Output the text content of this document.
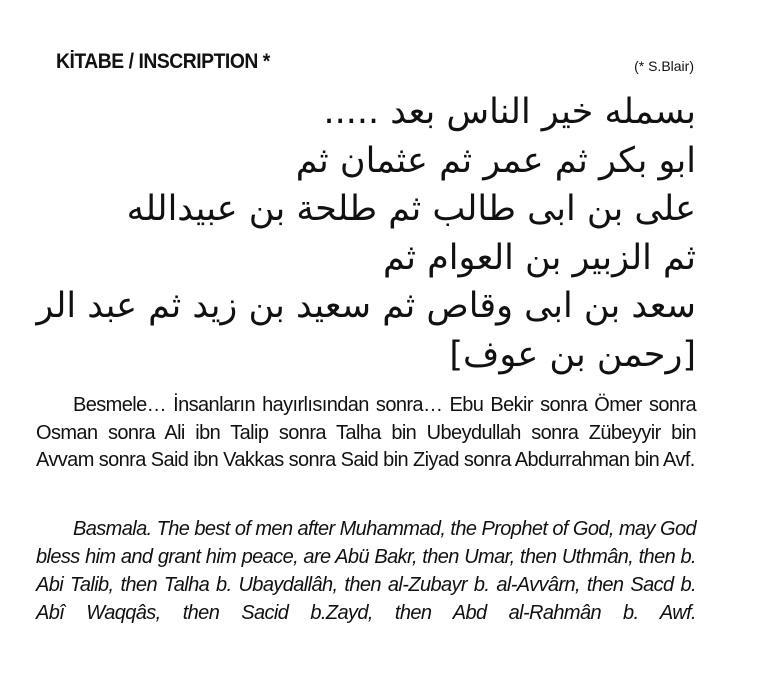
KİTABE / INSCRIPTION *	(* S.Blair)
بسمله خير الناس بعد .....
ابو بكر ثم عمر ثم عثمان ثم
على بن ابى طالب ثم طلحة بن عبيدالله
ثم الزبير بن العوام ثم
سعد بن ابى وقاص ثم سعيد بن زيد ثم عبد الر
[رحمن بن عوف]

Besmele… İnsanların hayırlısından sonra… Ebu Bekir sonra Ömer sonra Osman sonra Ali ibn Talip sonra Talha bin Ubeydullah sonra Zübeyyir bin Avvam sonra Said ibn Vakkas sonra Said bin Ziyad sonra Abdurrahman bin Avf.

Basmala. The best of men after Muhammad, the Prophet of God, may God bless him and grant him peace, are Abü Bakr, then Umar, then Uthmân, then b. Abi Talib, then Talha b. Ubaydallâh, then al-Zubayr b. al-Avvârn, then Sacd b. Abî Waqqâs, then Sacid b.Zayd, then Abd al-Rahmân b. Awf.
